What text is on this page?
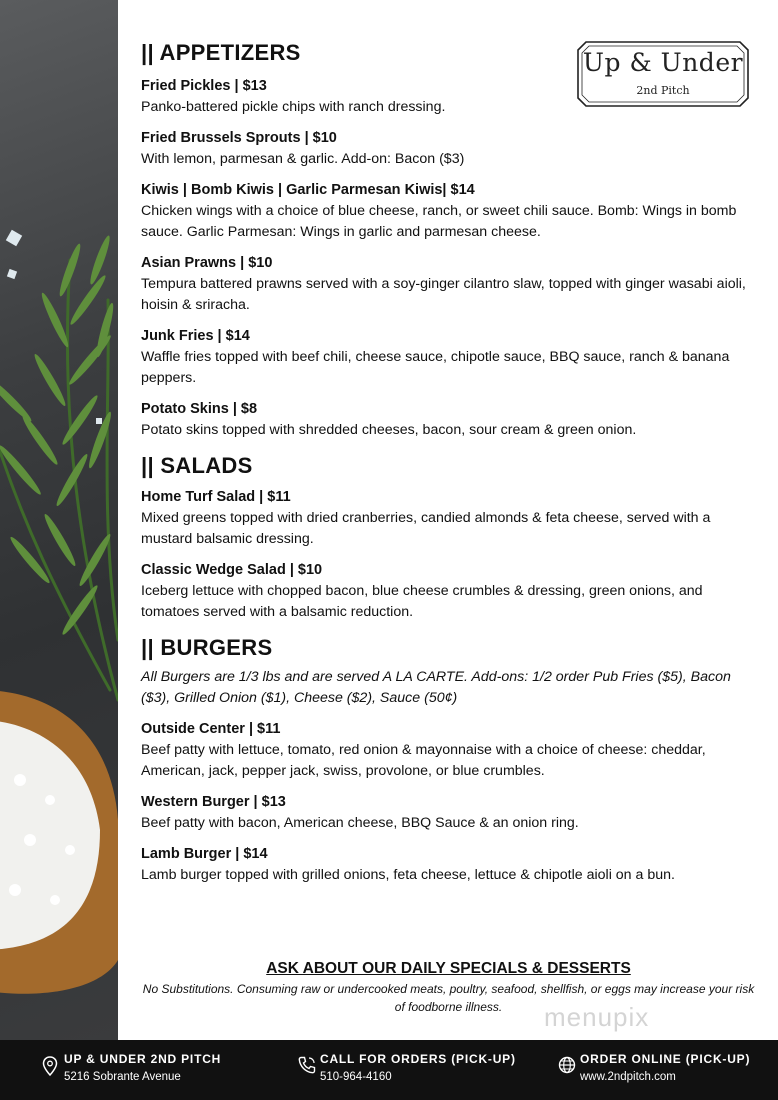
Up & Under
2nd Pitch
|| APPETIZERS
Fried Pickles | $13
Panko-battered pickle chips with ranch dressing.
Fried Brussels Sprouts | $10
With lemon, parmesan & garlic. Add-on: Bacon ($3)
Kiwis | Bomb Kiwis | Garlic Parmesan Kiwis| $14
Chicken wings with a choice of blue cheese, ranch, or sweet chili sauce. Bomb: Wings in bomb sauce. Garlic Parmesan: Wings in garlic and parmesan cheese.
Asian Prawns | $10
Tempura battered prawns served with a soy-ginger cilantro slaw, topped with ginger wasabi aioli, hoisin & sriracha.
Junk Fries | $14
Waffle fries topped with beef chili, cheese sauce, chipotle sauce, BBQ sauce, ranch & banana peppers.
Potato Skins | $8
Potato skins topped with shredded cheeses, bacon, sour cream & green onion.
|| SALADS
Home Turf Salad | $11
Mixed greens topped with dried cranberries, candied almonds & feta cheese, served with a mustard balsamic dressing.
Classic Wedge Salad | $10
Iceberg lettuce with chopped bacon, blue cheese crumbles & dressing, green onions, and tomatoes served with a balsamic reduction.
|| BURGERS
All Burgers are 1/3 lbs and are served A LA CARTE. Add-ons: 1/2 order Pub Fries ($5), Bacon ($3), Grilled Onion ($1), Cheese ($2), Sauce (50¢)
Outside Center | $11
Beef patty with lettuce, tomato, red onion & mayonnaise with a choice of cheese: cheddar, American, jack, pepper jack, swiss, provolone, or blue crumbles.
Western Burger | $13
Beef patty with bacon, American cheese, BBQ Sauce & an onion ring.
Lamb Burger | $14
Lamb burger topped with grilled onions, feta cheese, lettuce & chipotle aioli on a bun.
ASK ABOUT OUR DAILY SPECIALS & DESSERTS
No Substitutions. Consuming raw or undercooked meats, poultry, seafood, shellfish, or eggs may increase your risk of foodborne illness.	menupix
UP & UNDER 2ND PITCH
5216 Sobrante Avenue
CALL FOR ORDERS (PICK-UP)
510-964-4160
ORDER ONLINE (PICK-UP)
www.2ndpitch.com
